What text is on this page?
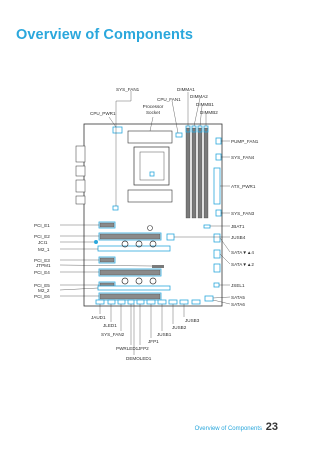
Overview of Components
SYS_FAN1	DIMMA1
DIMMA2
CPU_FAN1
DIMMB1
CPU_PWR1
Processor Socket	DIMMB2
PUMP_FAN1
SYS_FAN4
ATX_PWR1
SYS_FAN3
JBAT1
JUSB4
SATA▼▲4
SATA▼▲2
JSEL1
SATA5
SATA6
PCI_E1
PCI_E2
JCI1
M2_1
PCI_E3
JTPM1
PCI_E4
PCI_E5
M2_2
PCI_E6
JAUD1
JLED1
SYS_FAN2
PWRLED1 JFP2
DEMOLED1
JFP1
JUSB1
JUSB2
JUSB3
Overview of Components 23
